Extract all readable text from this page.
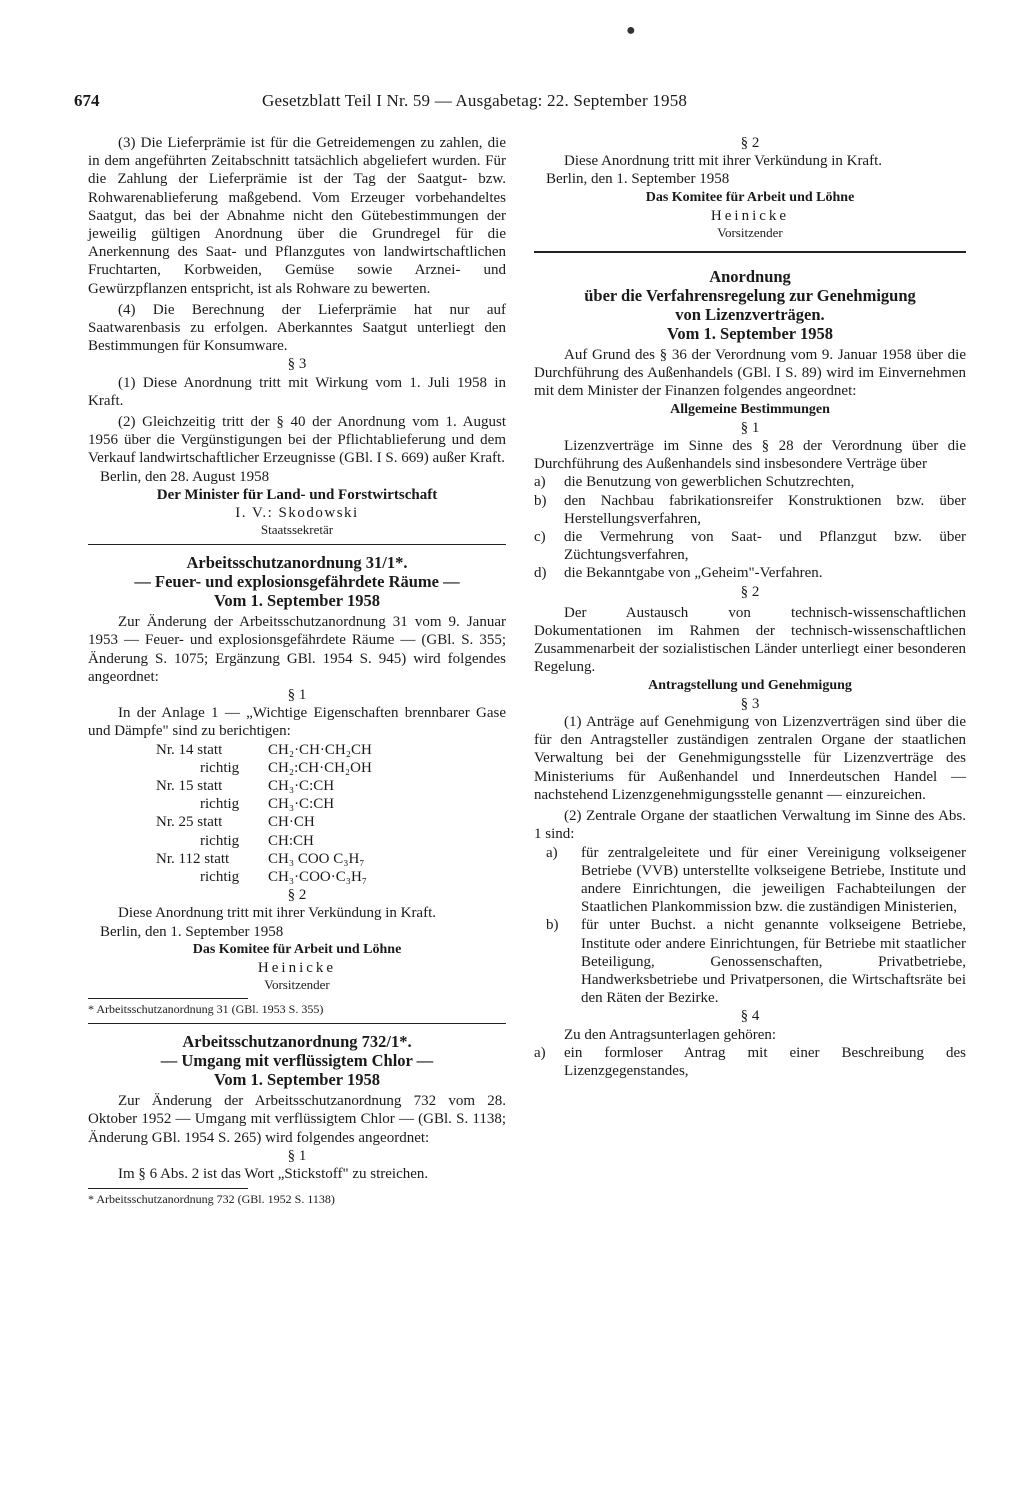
●
674	Gesetzblatt Teil I Nr. 59 — Ausgabetag: 22. September 1958

(3) Die Lieferprämie ist für die Getreidemengen zu zahlen, die in dem angeführten Zeitabschnitt tatsächlich abgeliefert wurden. Für die Zahlung der Lieferprämie ist der Tag der Saatgut- bzw. Rohwarenablieferung maßgebend. Vom Erzeuger vorbehandeltes Saatgut, das bei der Abnahme nicht den Gütebestimmungen der jeweilig gültigen Anordnung über die Grundregel für die Anerkennung des Saat- und Pflanzgutes von landwirtschaftlichen Fruchtarten, Korbweiden, Gemüse sowie Arznei- und Gewürzpflanzen entspricht, ist als Rohware zu bewerten.

(4) Die Berechnung der Lieferprämie hat nur auf Saatwarenbasis zu erfolgen. Aberkanntes Saatgut unterliegt den Bestimmungen für Konsumware.

§ 3

(1) Diese Anordnung tritt mit Wirkung vom 1. Juli 1958 in Kraft.

(2) Gleichzeitig tritt der § 40 der Anordnung vom 1. August 1956 über die Vergünstigungen bei der Pflichtablieferung und dem Verkauf landwirtschaftlicher Erzeugnisse (GBl. I S. 669) außer Kraft.

Berlin, den 28. August 1958

Der Minister für Land- und Forstwirtschaft

I. V.: Skodowski

Staatssekretär

Arbeitsschutzanordnung 31/1*.

— Feuer- und explosionsgefährdete Räume —

Vom 1. September 1958

Zur Änderung der Arbeitsschutzanordnung 31 vom 9. Januar 1953 — Feuer- und explosionsgefährdete Räume — (GBl. S. 355; Änderung S. 1075; Ergänzung GBl. 1954 S. 945) wird folgendes angeordnet:

§ 1

In der Anlage 1 — „Wichtige Eigenschaften brennbarer Gase und Dämpfe" sind zu berichtigen:

Nr. 14 statt	CH₂·CH·CH₂CH
richtig CH₂:CH·CH₂OH
Nr. 15 statt	CH₃·C:CH
richtig CH₃·C:CH
Nr. 25 statt	CH·CH
richtig CH:CH
Nr. 112 statt	CH₃ COO C₃H₇
richtig CH₃·COO·C₃H₇

§ 2

Diese Anordnung tritt mit ihrer Verkündung in Kraft.

Berlin, den 1. September 1958

Das Komitee für Arbeit und Löhne

Heinicke

Vorsitzender

* Arbeitsschutzanordnung 31 (GBl. 1953 S. 355)

Arbeitsschutzanordnung 732/1*.

— Umgang mit verflüssigtem Chlor —

Vom 1. September 1958

Zur Änderung der Arbeitsschutzanordnung 732 vom 28. Oktober 1952 — Umgang mit verflüssigtem Chlor — (GBl. S. 1138; Änderung GBl. 1954 S. 265) wird folgendes angeordnet:

§ 1

Im § 6 Abs. 2 ist das Wort „Stickstoff" zu streichen.

* Arbeitsschutzanordnung 732 (GBl. 1952 S. 1138)

§ 2

Diese Anordnung tritt mit ihrer Verkündung in Kraft.

Berlin, den 1. September 1958

Das Komitee für Arbeit und Löhne

Heinicke

Vorsitzender

Anordnung

über die Verfahrensregelung zur Genehmigung

von Lizenzverträgen.

Vom 1. September 1958

Auf Grund des § 36 der Verordnung vom 9. Januar 1958 über die Durchführung des Außenhandels (GBl. I S. 89) wird im Einvernehmen mit dem Minister der Finanzen folgendes angeordnet:

Allgemeine Bestimmungen

§ 1

Lizenzverträge im Sinne des § 28 der Verordnung über die Durchführung des Außenhandels sind insbesondere Verträge über

a) die Benutzung von gewerblichen Schutzrechten,

b) den Nachbau fabrikationsreifer Konstruktionen bzw. über Herstellungsverfahren,

c) die Vermehrung von Saat- und Pflanzgut bzw. über Züchtungsverfahren,

d) die Bekanntgabe von „Geheim"-Verfahren.

§ 2

Der Austausch von technisch-wissenschaftlichen Dokumentationen im Rahmen der technisch-wissenschaftlichen Zusammenarbeit der sozialistischen Länder unterliegt einer besonderen Regelung.

Antragstellung und Genehmigung

§ 3

(1) Anträge auf Genehmigung von Lizenzverträgen sind über die für den Antragsteller zuständigen zentralen Organe der staatlichen Verwaltung bei der Genehmigungsstelle für Lizenzverträge des Ministeriums für Außenhandel und Innerdeutschen Handel — nachstehend Lizenzgenehmigungsstelle genannt — einzureichen.

(2) Zentrale Organe der staatlichen Verwaltung im Sinne des Abs. 1 sind:

a) für zentralgeleitete und für einer Vereinigung volkseigener Betriebe (VVB) unterstellte volkseigene Betriebe, Institute und andere Einrichtungen, die jeweiligen Fachabteilungen der Staatlichen Plankommission bzw. die zuständigen Ministerien,

b) für unter Buchst. a nicht genannte volkseigene Betriebe, Institute oder andere Einrichtungen, für Betriebe mit staatlicher Beteiligung, Genossenschaften, Privatbetriebe, Handwerksbetriebe und Privatpersonen, die Wirtschaftsräte bei den Räten der Bezirke.

§ 4

Zu den Antragsunterlagen gehören:

a) ein formloser Antrag mit einer Beschreibung des Lizenzgegenstandes,
